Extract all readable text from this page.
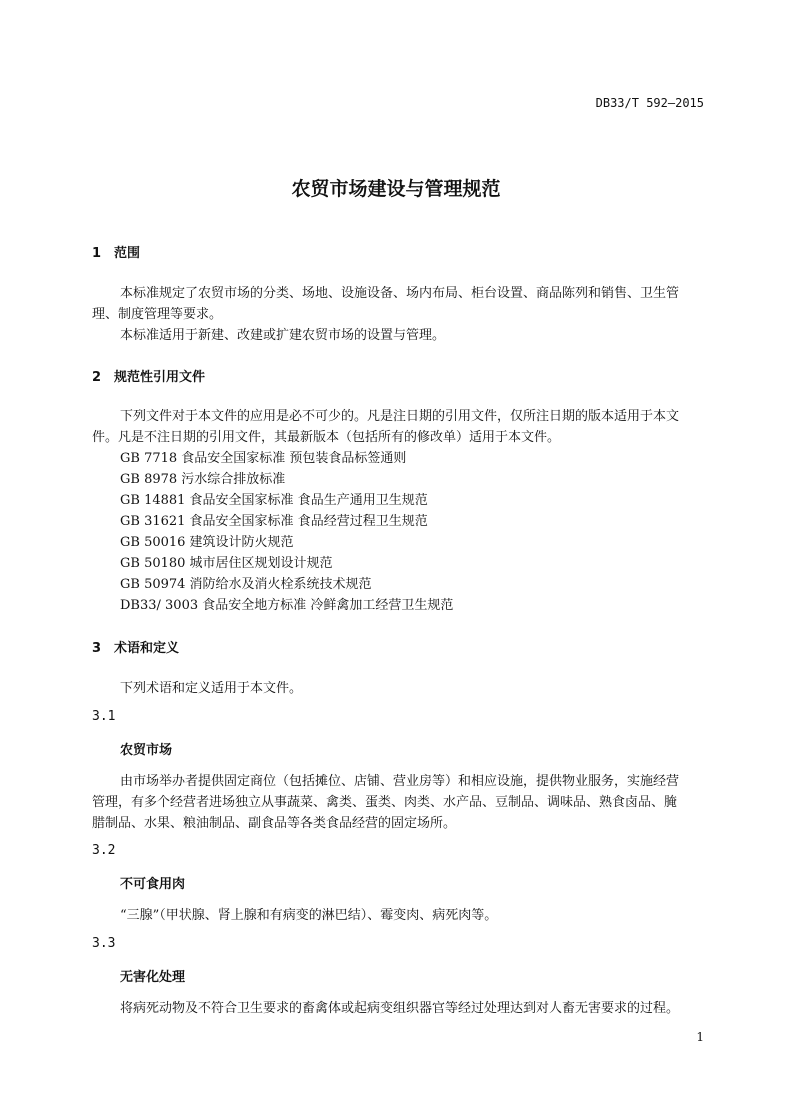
DB33/T 592—2015
农贸市场建设与管理规范
1 范围
本标准规定了农贸市场的分类、场地、设施设备、场内布局、柜台设置、商品陈列和销售、卫生管
理、制度管理等要求。
本标准适用于新建、改建或扩建农贸市场的设置与管理。
2 规范性引用文件
下列文件对于本文件的应用是必不可少的。凡是注日期的引用文件，仅所注日期的版本适用于本文
件。凡是不注日期的引用文件，其最新版本（包括所有的修改单）适用于本文件。
GB 7718 食品安全国家标准 预包装食品标签通则
GB 8978 污水综合排放标准
GB 14881 食品安全国家标准 食品生产通用卫生规范
GB 31621 食品安全国家标准 食品经营过程卫生规范
GB 50016 建筑设计防火规范
GB 50180 城市居住区规划设计规范
GB 50974 消防给水及消火栓系统技术规范
DB33/ 3003 食品安全地方标准 冷鲜禽加工经营卫生规范
3 术语和定义
下列术语和定义适用于本文件。
3.1
农贸市场
由市场举办者提供固定商位（包括摊位、店铺、营业房等）和相应设施，提供物业服务，实施经营
管理，有多个经营者进场独立从事蔬菜、禽类、蛋类、肉类、水产品、豆制品、调味品、熟食卤品、腌
腊制品、水果、粮油制品、副食品等各类食品经营的固定场所。
3.2
不可食用肉
“三腺”（甲状腺、肾上腺和有病变的淋巴结）、霉变肉、病死肉等。
3.3
无害化处理
将病死动物及不符合卫生要求的畜禽体或起病变组织器官等经过处理达到对人畜无害要求的过程。
1
